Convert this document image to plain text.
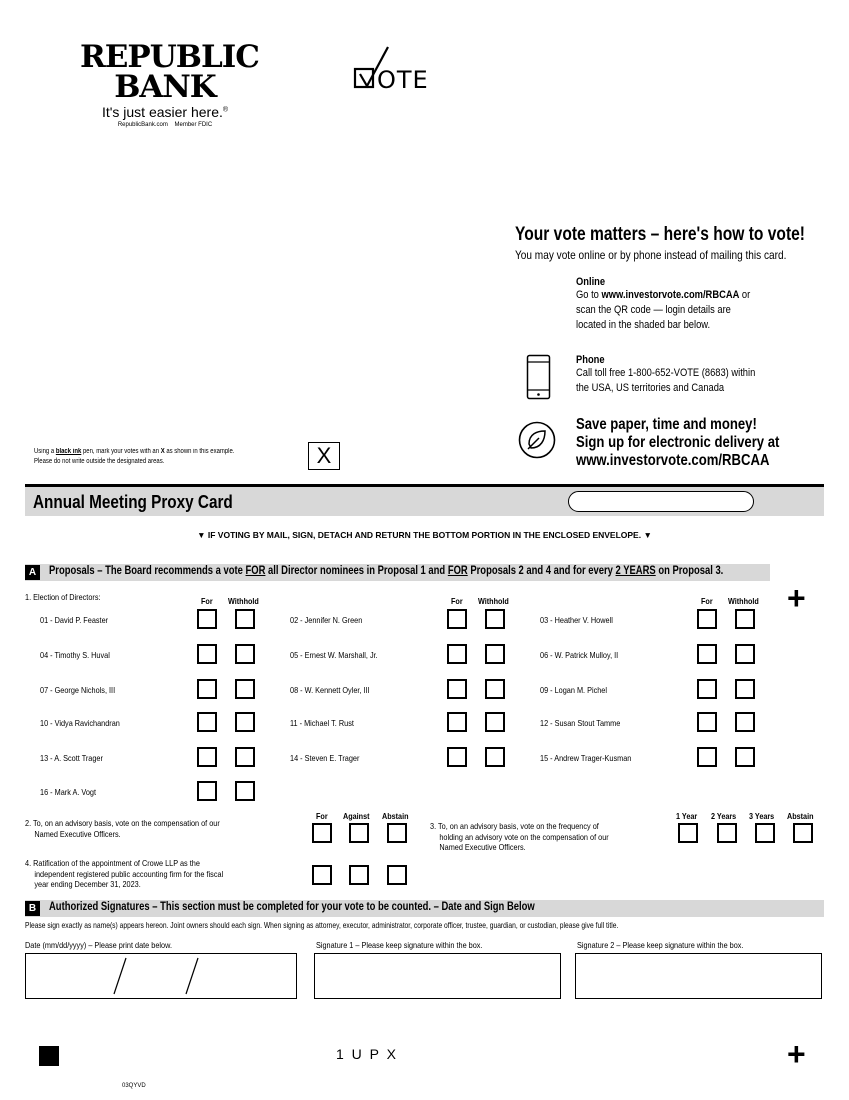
REPUBLIC
BANK
It's just easier here.®
RepublicBank.com    Member FDIC
OTE
Your vote matters – here's how to vote!
You may vote online or by phone instead of mailing this card.
Online
Go to www.investorvote.com/RBCAA or
scan the QR code — login details are
located in the shaded bar below.
Phone
Call toll free 1-800-652-VOTE (8683) within
the USA, US territories and Canada
Save paper, time and money!
Sign up for electronic delivery at
www.investorvote.com/RBCAA
Using a black ink pen, mark your votes with an X as shown in this example.
Please do not write outside the designated areas.	X
Annual Meeting Proxy Card
▼ IF VOTING BY MAIL, SIGN, DETACH AND RETURN THE BOTTOM PORTION IN THE ENCLOSED ENVELOPE. ▼
A	Proposals – The Board recommends a vote FOR all Director nominees in Proposal 1 and FOR Proposals 2 and 4 and for every 2 YEARS on Proposal 3.
+
1. Election of Directors:	For Withhold	For Withhold	For Withhold
01 - David P. Feaster	02 - Jennifer N. Green	03 - Heather V. Howell
04 - Timothy S. Huval	05 - Ernest W. Marshall, Jr.	06 - W. Patrick Mulloy, II
07 - George Nichols, III	08 - W. Kennett Oyler, III	09 - Logan M. Pichel
10 - Vidya Ravichandran	11 - Michael T. Rust	12 - Susan Stout Tamme
13 - A. Scott Trager	14 - Steven E. Trager	15 - Andrew Trager-Kusman
16 - Mark A. Vogt
2. To, on an advisory basis, vote on the compensation of our
Named Executive Officers.
For Against Abstain
3. To, on an advisory basis, vote on the frequency of
holding an advisory vote on the compensation of our
Named Executive Officers.
1 Year 2 Years 3 Years Abstain
4. Ratification of the appointment of Crowe LLP as the
independent registered public accounting firm for the fiscal
year ending December 31, 2023.
B	Authorized Signatures – This section must be completed for your vote to be counted. – Date and Sign Below
Please sign exactly as name(s) appears hereon. Joint owners should each sign. When signing as attorney, executor, administrator, corporate officer, trustee, guardian, or custodian, please give full title.
Date (mm/dd/yyyy) – Please print date below.	Signature 1 – Please keep signature within the box.	Signature 2 – Please keep signature within the box.
1 U P X	+
03QYVD
